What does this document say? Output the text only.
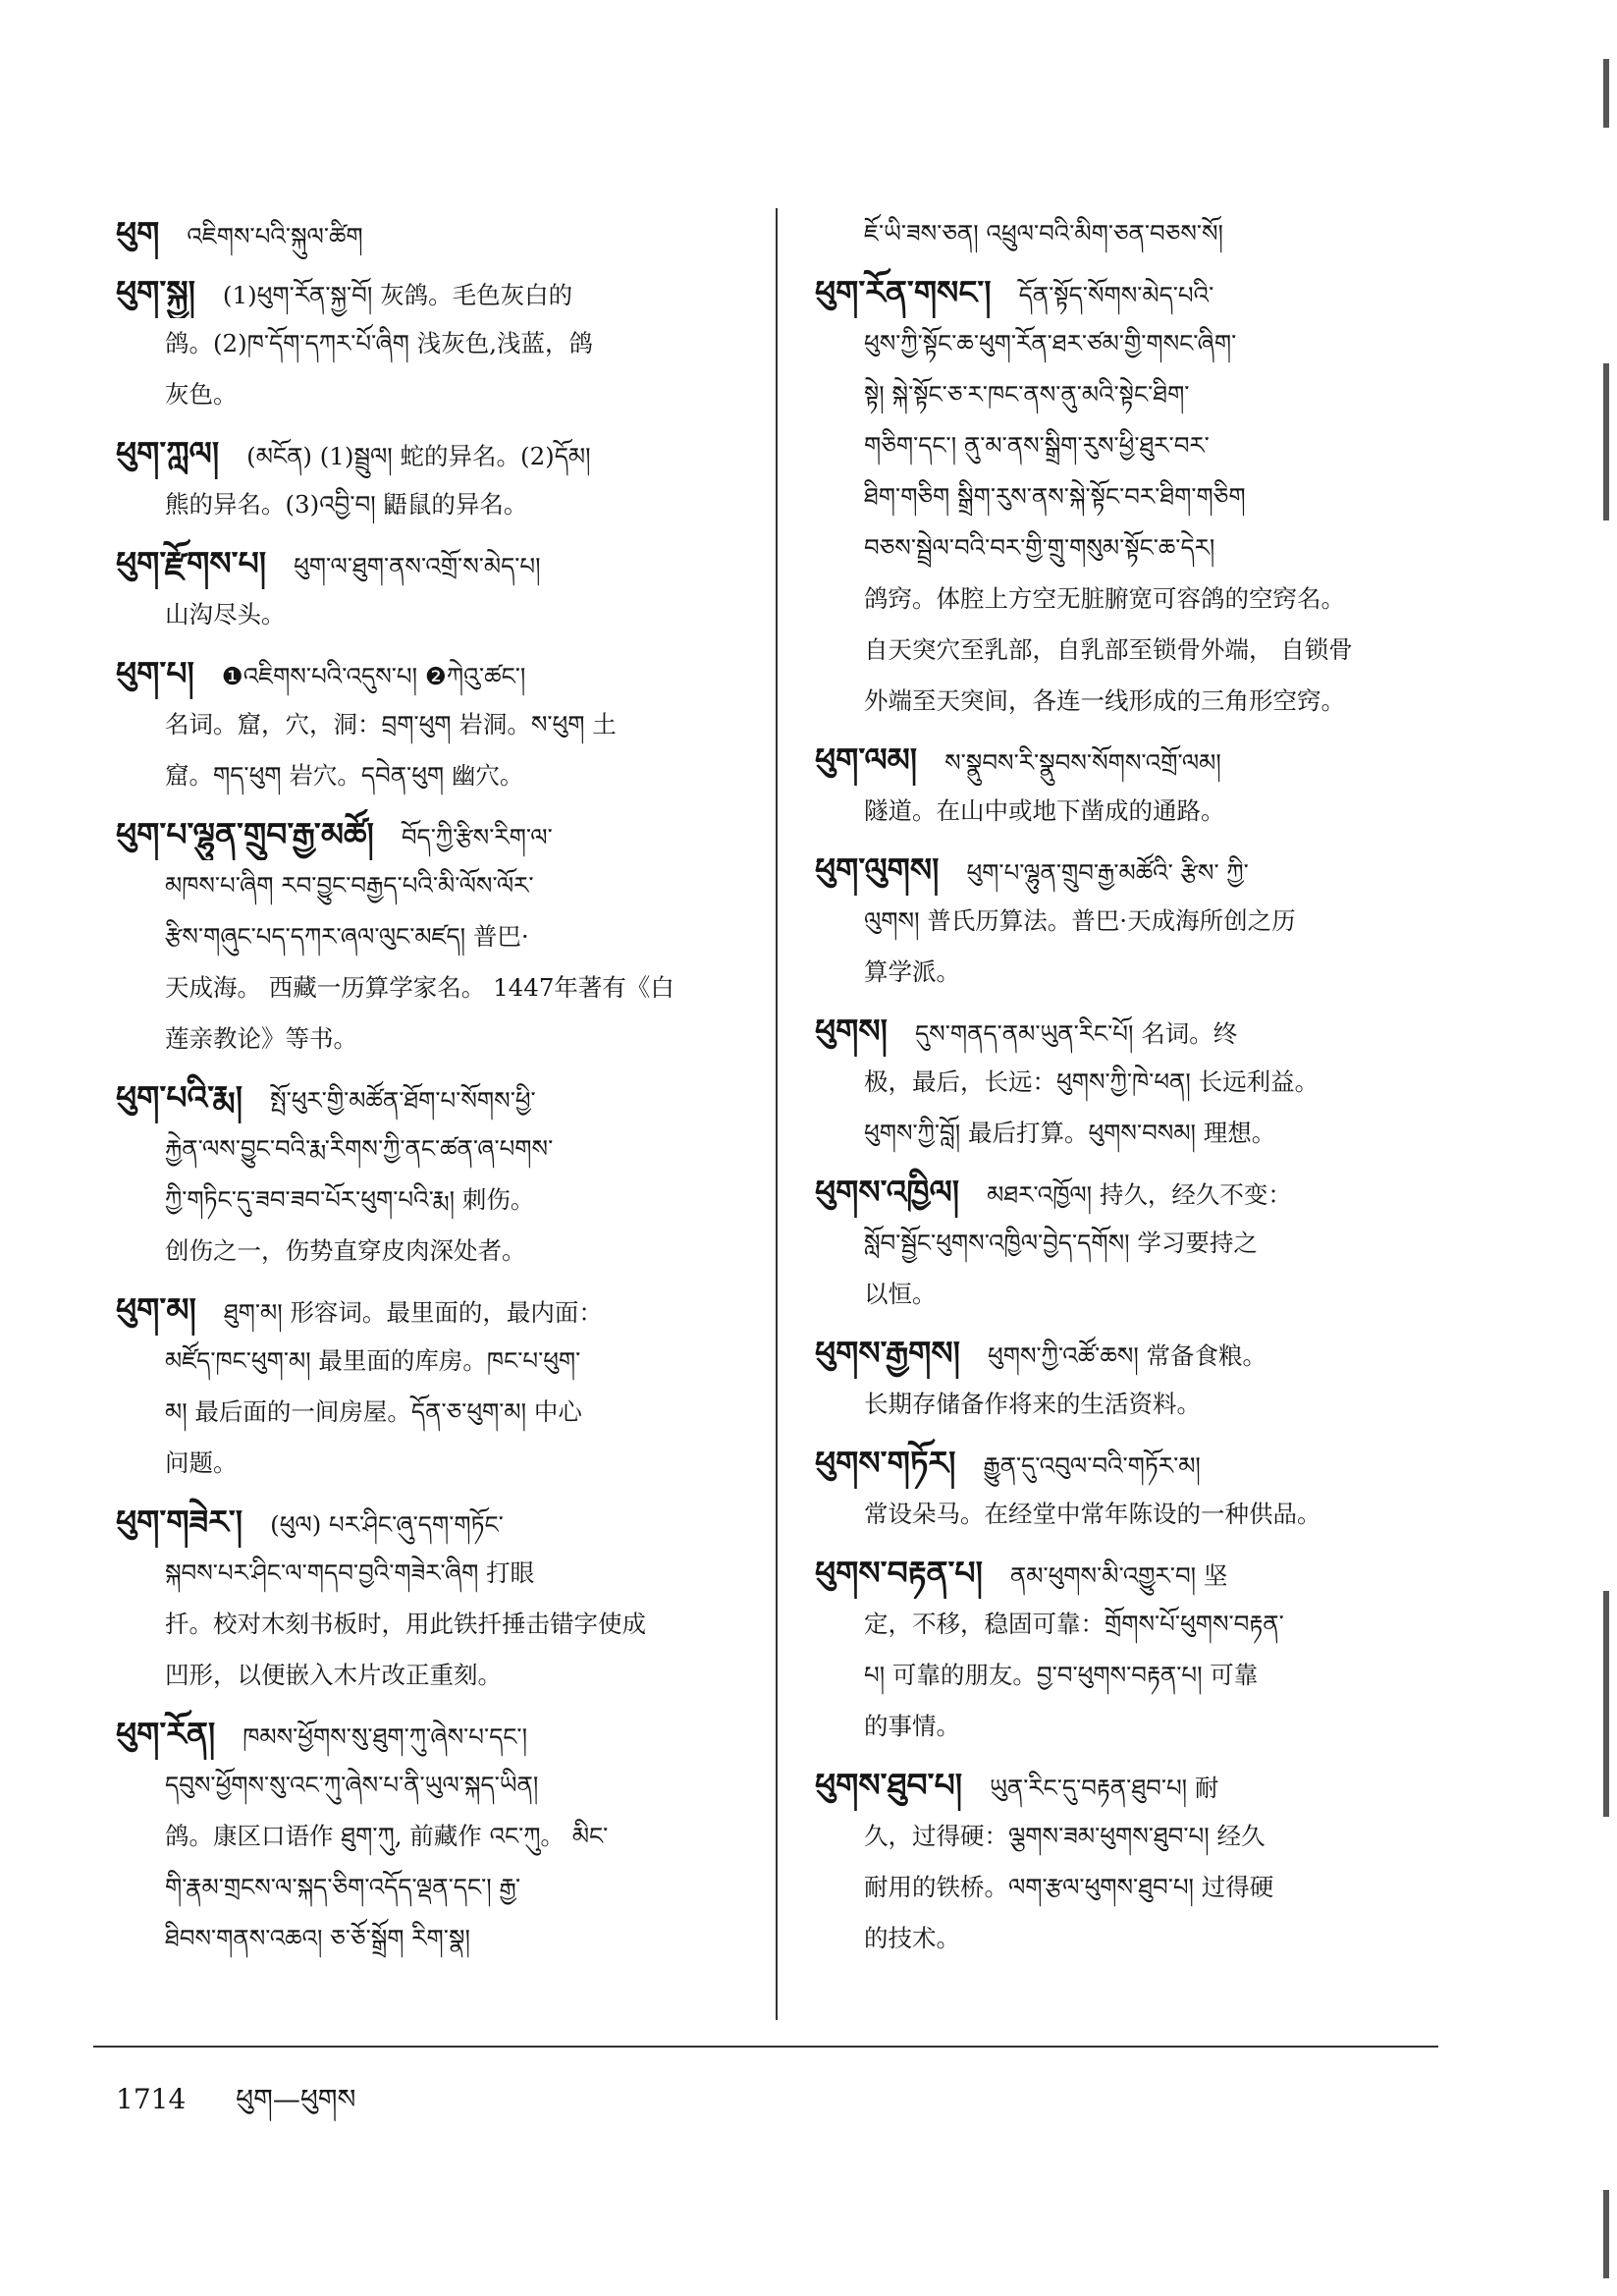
ཕུག འཇིགས་པའི་སྐུལ་ཚིག
ཕུག་སྐྱ། (1)ཕུག་རོན་སྐྱ་བོ། 灰鸽。毛色灰白的
鸽。(2)ཁ་དོག་དཀར་པོ་ཞིག 浅灰色,浅蓝，鸽
灰色。
ཕུག་ཀླལ། (མངོན) (1)སྦྲུལ། 蛇的异名。(2)དོམ།
熊的异名。(3)འབྱི་བ། 鼯鼠的异名。
ཕུག་རྫོགས་པ། ཕུག་ལ་ཐུག་ནས་འགྲོ་ས་མེད་པ།
山沟尽头。
ཕུག་པ། ❶འཇིགས་པའི་འདུས་པ། ❷ཀེའུ་ཚང་།
名词。窟，穴，洞：བྲག་ཕུག 岩洞。ས་ཕུག 土
窟。གད་ཕུག 岩穴。དབེན་ཕུག 幽穴。
ཕུག་པ་ལྷུན་གྲུབ་རྒྱ་མཚོ། བོད་ཀྱི་རྩིས་རིག་ལ་
མཁས་པ་ཞིག རབ་བྱུང་བརྒྱད་པའི་མི་ལོས་ལོར་
རྩིས་གཞུང་པད་དཀར་ཞལ་ལུང་མཛད། 普巴·
天成海。 西藏一历算学家名。 1447年著有《白
莲亲教论》等书。
ཕུག་པའི་རྨ། སྤོ་ཕུར་གྱི་མཚོན་ཐོག་པ་སོགས་ཕྱི་
རྐྱེན་ལས་བྱུང་བའི་རྨ་རིགས་ཀྱི་ནང་ཚན་ཞ་པགས་
ཀྱི་གཏིང་དུ་ཟབ་ཟབ་པོར་ཕུག་པའི་རྨ། 刺伤。
创伤之一，伤势直穿皮肉深处者。
ཕུག་མ། ཐུག་མ། 形容词。最里面的，最内面：
མཛོད་ཁང་ཕུག་མ། 最里面的库房。ཁང་པ་ཕུག་
མ། 最后面的一间房屋。དོན་ཅ་ཕུག་མ། 中心
问题。
ཕུག་གཟེར་། (ཕུལ) པར་ཤིང་ཞུ་དག་གཏོང་
སྐབས་པར་ཤིང་ལ་གདབ་བྱའི་གཟེར་ཞིག 打眼
扦。校对木刻书板时，用此铁扦捶击错字使成
凹形，以便嵌入木片改正重刻。
ཕུག་རོན། ཁམས་ཕྱོགས་སུ་ཐུག་ཀུ་ཞེས་པ་དང་།
དབུས་ཕྱོགས་སུ་འང་ཀུ་ཞེས་པ་ནི་ཡུལ་སྐད་ཡིན།
鸽。康区口语作 ཐུག་ཀུ, 前藏作 འང་ཀུ。 མིང་
གི་རྣམ་གྲངས་ལ་སྐད་ཅིག་འདོད་ལྡན་དང་། རྒྱ་
ཐིབས་གནས་འཆའ། ཅ་ཅོ་སྒྲོག རིག་སྣ།
ཇོ་ཡི་ཟས་ཅན། འཕྲུལ་བའི་མིག་ཅན་བཅས་སོ།
ཕུག་རོན་གསང་། དོན་སྟོད་སོགས་མེད་པའི་
ཕུས་ཀྱི་སྟོང་ཆ་ཕུག་རོན་ཐར་ཙམ་གྱི་གསང་ཞིག་
སྟེ། སྐེ་སྟོང་ཅ་ར་ཁང་ནས་ནུ་མའི་སྟེང་ཐིག་
གཅིག་དང་། ནུ་མ་ནས་སྒྲིག་རུས་ཕྱི་ཐུར་བར་
ཐིག་གཅིག སྒྲིག་རུས་ནས་སྐེ་སྟོང་བར་ཐིག་གཅིག
བཅས་སྦྲེལ་བའི་བར་གྱི་གྲུ་གསུམ་སྟོང་ཆ་དེར།
鸽窍。体腔上方空无脏腑宽可容鸽的空窍名。
自天突穴至乳部，自乳部至锁骨外端， 自锁骨
外端至天突间，各连一线形成的三角形空窍。
ཕུག་ལམ། ས་སྣུབས་རི་སྣུབས་སོགས་འགྲོ་ལམ།
隧道。在山中或地下凿成的通路。
ཕུག་ལུགས། ཕུག་པ་ལྷུན་གྲུབ་རྒྱ་མཚོའི་ རྩིས་ ཀྱི་
ལུགས། 普氏历算法。普巴·天成海所创之历
算学派。
ཕུགས། དུས་གནད་ནམ་ཡུན་རིང་པོ། 名词。终
极，最后，长远：ཕུགས་ཀྱི་ཁེ་ཕན། 长远利益。
ཕུགས་ཀྱི་བློ། 最后打算。ཕུགས་བསམ། 理想。
ཕུགས་འཁྱིལ། མཐར་འཁྱོལ། 持久，经久不变：
སློབ་སྦྱོང་ཕུགས་འཁྱིལ་བྱེད་དགོས། 学习要持之
以恒。
ཕུགས་རྒྱགས། ཕུགས་ཀྱི་འཚོ་ཆས། 常备食粮。
长期存储备作将来的生活资料。
ཕུགས་གཏོར། རྒྱུན་དུ་འབུལ་བའི་གཏོར་མ།
常设朵马。在经堂中常年陈设的一种供品。
ཕུགས་བརྟན་པ། ནམ་ཕུགས་མི་འགྱུར་བ། 坚
定，不移，稳固可靠：གྲོགས་པོ་ཕུགས་བརྟན་
པ། 可靠的朋友。བྱ་བ་ཕུགས་བརྟན་པ། 可靠
的事情。
ཕུགས་ཐུབ་པ། ཡུན་རིང་དུ་བརྟན་ཐུབ་པ། 耐
久，过得硬：ལྕགས་ཟམ་ཕུགས་ཐུབ་པ། 经久
耐用的铁桥。ལག་རྩལ་ཕུགས་ཐུབ་པ། 过得硬
的技术。
1714 ཕུག—ཕུགས
